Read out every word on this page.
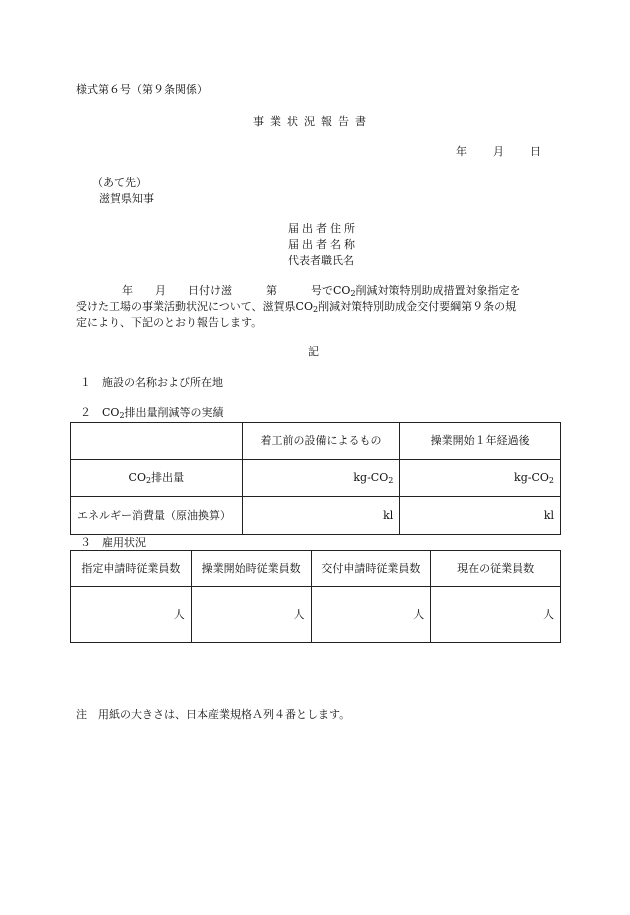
様式第６号（第９条関係）
事業状況報告書
年 月 日
（あて先）
滋賀県知事
届出者住所
届出者名称
代表者職氏名
年 月 日付け滋	第	号で$CO_2$削減対策特別助成措置対象指定を
受けた工場の事業活動状況について、滋賀県$CO_2$削減対策特別助成金交付要綱第９条の規
定により、下記のとおり報告します。
記
１　施設の名称および所在地
２　$CO_2$排出量削減等の実績
	着工前の設備によるもの	操業開始１年経過後
$CO_2$排出量	$kg-CO_2$	$kg-CO_2$
エネルギー消費量（原油換算）	kl	kl
３　雇用状況
指定申請時従業員数	操業開始時従業員数	交付申請時従業員数	現在の従業員数
人	人	人	人
注　用紙の大きさは、日本産業規格Ａ列４番とします。
